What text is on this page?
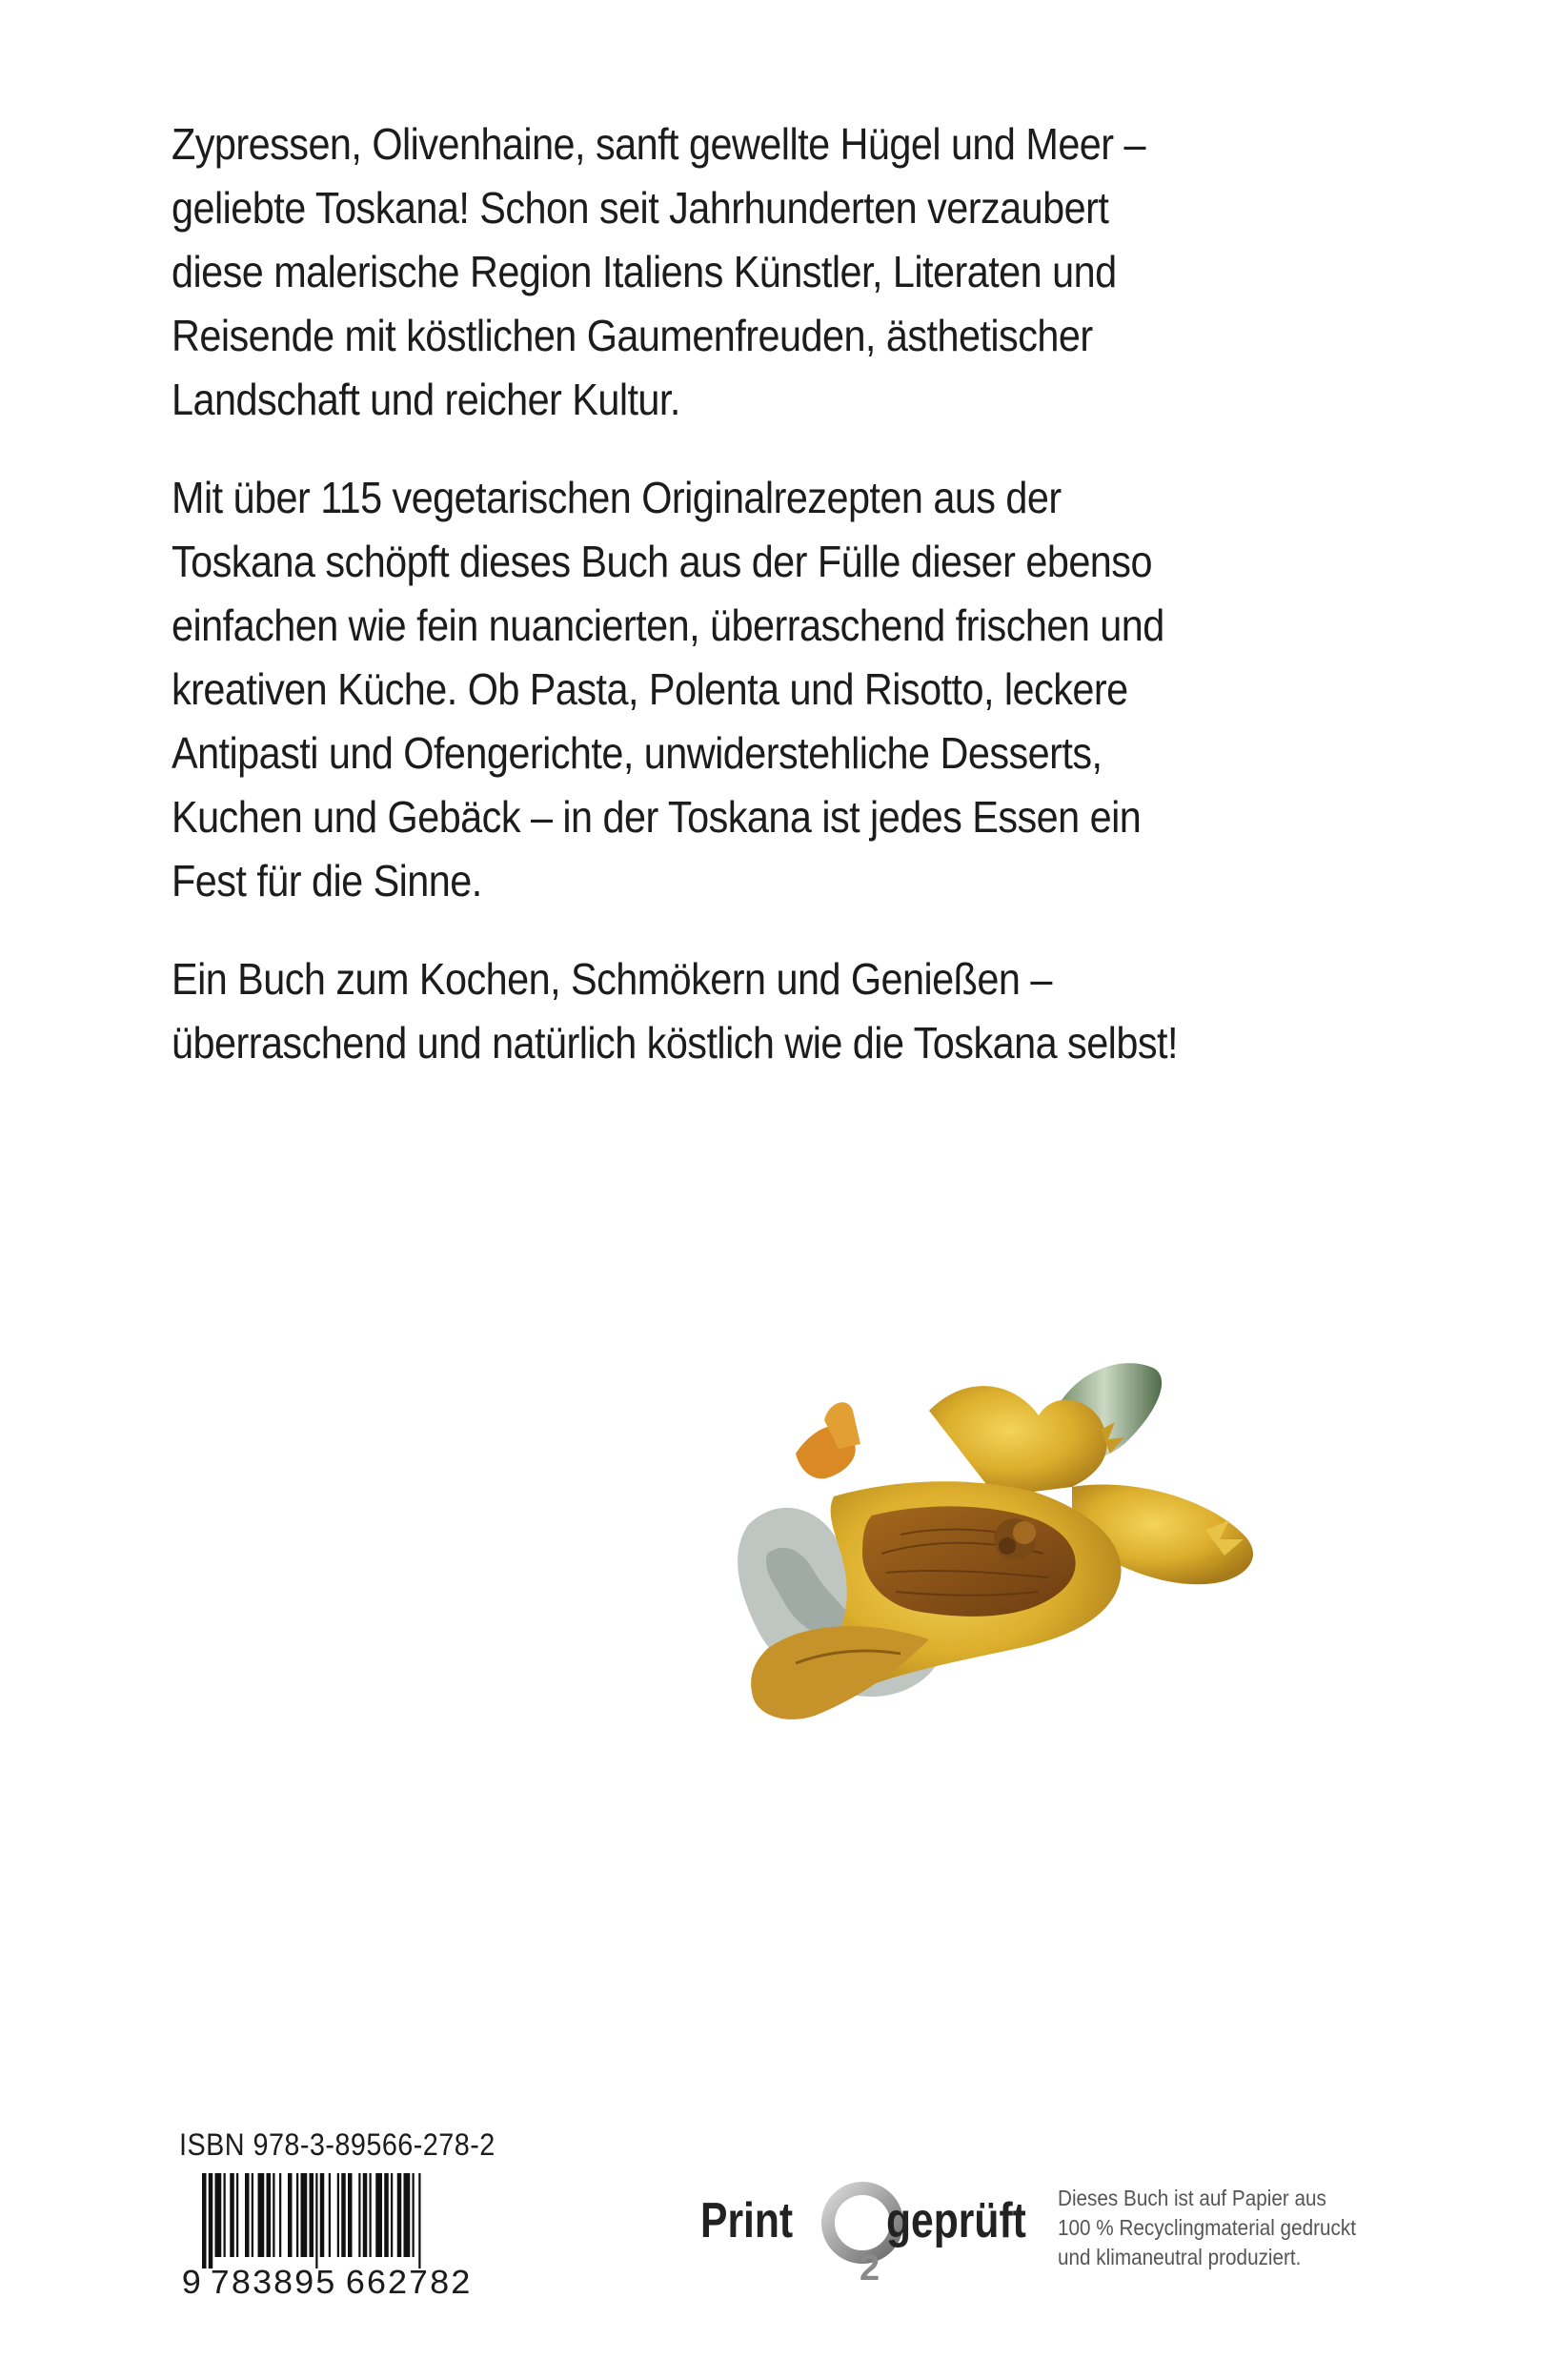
Zypressen, Olivenhaine, sanft gewellte Hügel und Meer –
geliebte Toskana! Schon seit Jahrhunderten verzaubert
diese malerische Region Italiens Künstler, Literaten und
Reisende mit köstlichen Gaumenfreuden, ästhetischer
Landschaft und reicher Kultur.

Mit über 115 vegetarischen Originalrezepten aus der
Toskana schöpft dieses Buch aus der Fülle dieser ebenso
einfachen wie fein nuancierten, überraschend frischen und
kreativen Küche. Ob Pasta, Polenta und Risotto, leckere
Antipasti und Ofengerichte, unwiderstehliche Desserts,
Kuchen und Gebäck – in der Toskana ist jedes Essen ein
Fest für die Sinne.

Ein Buch zum Kochen, Schmökern und Genießen –
überraschend und natürlich köstlich wie die Toskana selbst!

ISBN 978-3-89566-278-2
9 783895 662782
Print
2
geprüft Dieses Buch ist auf Papier aus
100 % Recyclingmaterial gedruckt
und klimaneutral produziert.
